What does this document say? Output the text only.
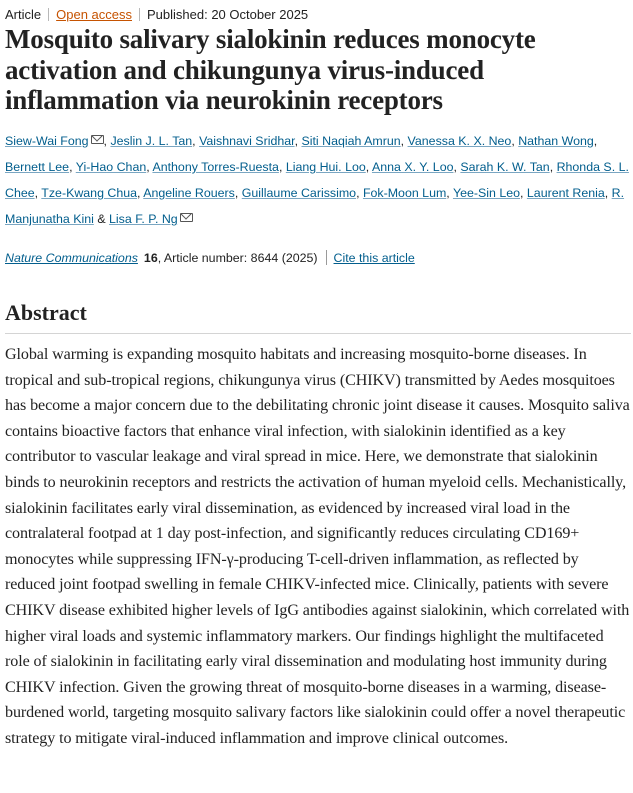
Article Open access Published: 20 October 2025
Mosquito salivary sialokinin reduces monocyte activation and chikungunya virus-induced inflammation via neurokinin receptors
Siew-Wai Fong , Jeslin J. L. Tan, Vaishnavi Sridhar, Siti Naqiah Amrun, Vanessa K. X. Neo, Nathan Wong, Bernett Lee, Yi-Hao Chan, Anthony Torres-Ruesta, Liang Hui. Loo, Anna X. Y. Loo, Sarah K. W. Tan, Rhonda S. L. Chee, Tze-Kwang Chua, Angeline Rouers, Guillaume Carissimo, Fok-Moon Lum, Yee-Sin Leo, Laurent Renia, R. Manjunatha Kini & Lisa F. P. Ng
Nature Communications 16, Article number: 8644 (2025) Cite this article
Abstract

Global warming is expanding mosquito habitats and increasing mosquito-borne diseases. In tropical and sub-tropical regions, chikungunya virus (CHIKV) transmitted by Aedes mosquitoes has become a major concern due to the debilitating chronic joint disease it causes. Mosquito saliva contains bioactive factors that enhance viral infection, with sialokinin identified as a key contributor to vascular leakage and viral spread in mice. Here, we demonstrate that sialokinin binds to neurokinin receptors and restricts the activation of human myeloid cells. Mechanistically, sialokinin facilitates early viral dissemination, as evidenced by increased viral load in the contralateral footpad at 1 day post-infection, and significantly reduces circulating CD169+ monocytes while suppressing IFN-γ-producing T-cell-driven inflammation, as reflected by reduced joint footpad swelling in female CHIKV-infected mice. Clinically, patients with severe CHIKV disease exhibited higher levels of IgG antibodies against sialokinin, which correlated with higher viral loads and systemic inflammatory markers. Our findings highlight the multifaceted role of sialokinin in facilitating early viral dissemination and modulating host immunity during CHIKV infection. Given the growing threat of mosquito-borne diseases in a warming, disease-burdened world, targeting mosquito salivary factors like sialokinin could offer a novel therapeutic strategy to mitigate viral-induced inflammation and improve clinical outcomes.
